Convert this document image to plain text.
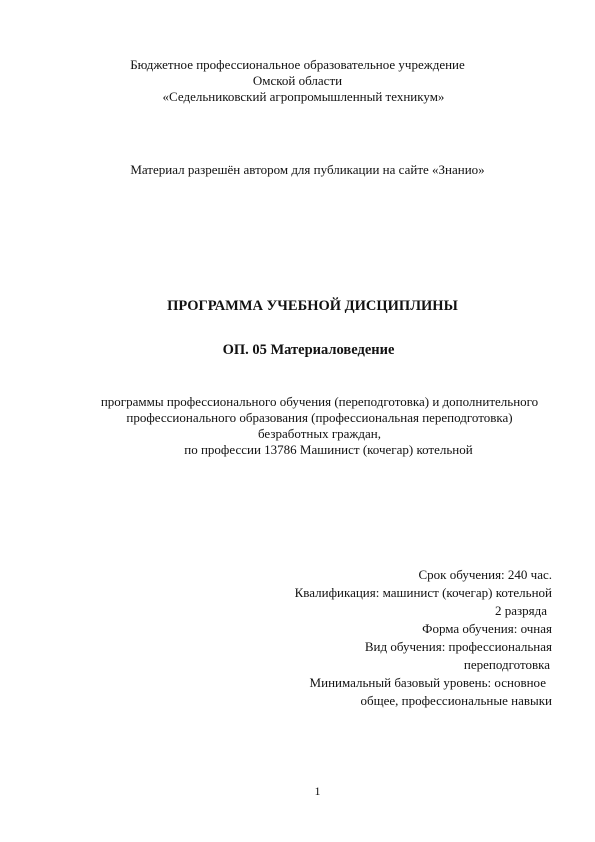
Бюджетное профессиональное образовательное учреждение
Омской области
«Седельниковский агропромышленный техникум»
Материал разрешён автором для публикации на сайте «Знанио»
ПРОГРАММА УЧЕБНОЙ ДИСЦИПЛИНЫ
ОП. 05 Материаловедение
программы профессионального обучения (переподготовка) и дополнительного
профессионального образования (профессиональная переподготовка)
безработных граждан,
по профессии 13786 Машинист (кочегар) котельной
Срок обучения: 240 час.
Квалификация: машинист (кочегар) котельной
2 разряда
Форма обучения: очная
Вид обучения: профессиональная
переподготовка
Минимальный базовый уровень: основное
общее, профессиональные навыки
1
